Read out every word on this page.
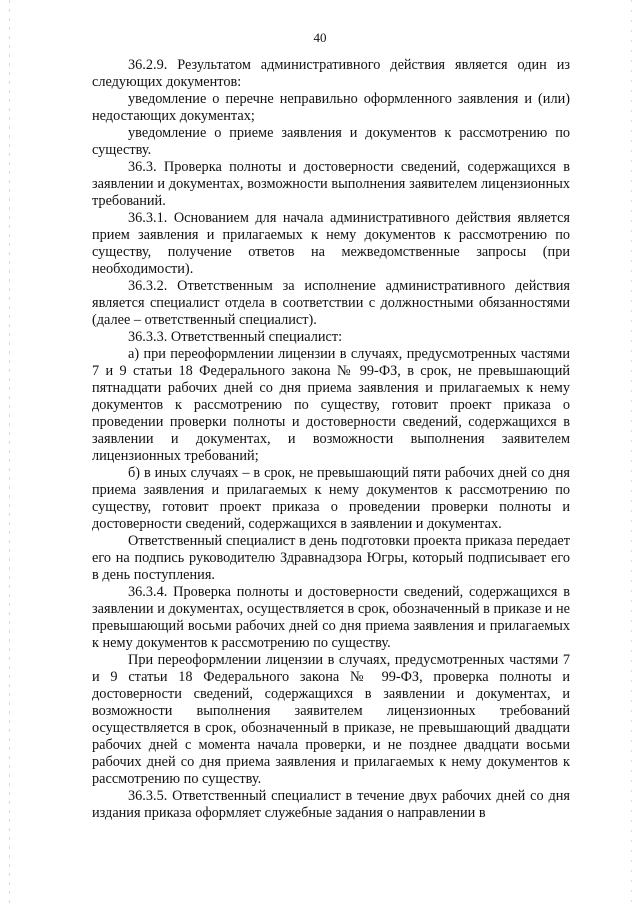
40

36.2.9. Результатом административного действия является один из следующих документов:

уведомление о перечне неправильно оформленного заявления и (или) недостающих документах;

уведомление о приеме заявления и документов к рассмотрению по существу.

36.3. Проверка полноты и достоверности сведений, содержащихся в заявлении и документах, возможности выполнения заявителем лицензионных требований.

36.3.1. Основанием для начала административного действия является прием заявления и прилагаемых к нему документов к рассмотрению по существу, получение ответов на межведомственные запросы (при необходимости).

36.3.2. Ответственным за исполнение административного действия является специалист отдела в соответствии с должностными обязанностями (далее – ответственный специалист).

36.3.3. Ответственный специалист:

а) при переоформлении лицензии в случаях, предусмотренных частями 7 и 9 статьи 18 Федерального закона № 99-ФЗ, в срок, не превышающий пятнадцати рабочих дней со дня приема заявления и прилагаемых к нему документов к рассмотрению по существу, готовит проект приказа о проведении проверки полноты и достоверности сведений, содержащихся в заявлении и документах, и возможности выполнения заявителем лицензионных требований;

б) в иных случаях – в срок, не превышающий пяти рабочих дней со дня приема заявления и прилагаемых к нему документов к рассмотрению по существу, готовит проект приказа о проведении проверки полноты и достоверности сведений, содержащихся в заявлении и документах.

Ответственный специалист в день подготовки проекта приказа передает его на подпись руководителю Здравнадзора Югры, который подписывает его в день поступления.

36.3.4. Проверка полноты и достоверности сведений, содержащихся в заявлении и документах, осуществляется в срок, обозначенный в приказе и не превышающий восьми рабочих дней со дня приема заявления и прилагаемых к нему документов к рассмотрению по существу.

При переоформлении лицензии в случаях, предусмотренных частями 7 и 9 статьи 18 Федерального закона № 99-ФЗ, проверка полноты и достоверности сведений, содержащихся в заявлении и документах, и возможности выполнения заявителем лицензионных требований осуществляется в срок, обозначенный в приказе, не превышающий двадцати рабочих дней с момента начала проверки, и не позднее двадцати восьми рабочих дней со дня приема заявления и прилагаемых к нему документов к рассмотрению по существу.

36.3.5. Ответственный специалист в течение двух рабочих дней со дня издания приказа оформляет служебные задания о направлении в
